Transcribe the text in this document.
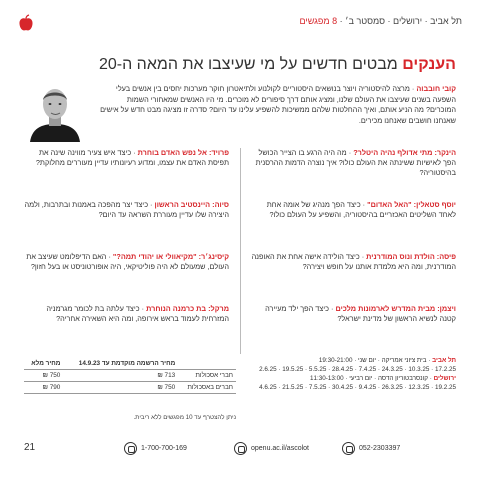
תל אביב · ירושלים · סמסטר ב׳ · 8 מפגשים
הענקים מבטים חדשים על מי שעיצבו את המאה ה-20
קובי חובבוה · מרצה להיסטוריה ויוצר בנושאים היסטוריים לקולנוע ולתיאטרון חוקר מערכות יחסים בין אנשים בעלי השפעה בשנים שעיצבו את העולם שלנו, ומציג אותם דרך סיפורים לא מוכרים. מי היו האנשים שמאחורי השמות המוכרים? מה הניע אותם, ואיך ההחלטות שלהם ממשיכות להשפיע עלינו עד היום? סדרה זו מציגה מבט חדש על אישים שאנחנו חושבים שאנחנו מכירים.
הינקר: מתי אדולף נהיה היטלר? · מה היה הרגע בו הצייר הכושל הפך לאישיות ששינתה את העולם כולו? איך נוצרה הדמות ההרסנית בהיסטוריה?
פרויד: אל נפש האדם בוחרת · כיצד איש צעיר מווינה שינה את תפיסת האדם את עצמו, ומדוע רעיונותיו עדיין מעוררים מחלוקת?
יוסף סטאלין: "האל האדום" · כיצד הפך מנהיג של אומה אחת לאחד השליטים האכזריים בהיסטוריה, והשפיע על העולם כולו?
סיוה: היינסטיב הראשון · כיצד יצר מהפכה באמנות ובתרבות, ולמה היצירה שלו עדיין מעוררת השראה עד היום?
פיסה: הולדת ונוס המודרנית · כיצד הולידה אישה אחת את האופנה המודרנית, ומה היא מלמדת אותנו על חופש ויצירה?
קיסינג׳ר: "מקיאוולי או יהודי תמה?" · האם הדיפלומט שעיצב את העולם, שמעולם לא היה פוליטיקאי, היה אופורטוניסט או בעל חזון?
ויצמן: מבית המדרש לארמונות מלכים · כיצד הפך ילד מעיירה קטנה לנשיא הראשון של מדינת ישראל?
מרקל: בת כרמנה הנוחרת · כיצד עלתה בת לכומר מגרמניה המזרחית לעמוד בראש אירופה, ומה היא השאירה אחריה?
תל אביב · בית ציוני אמריקה · יום שני · 19:30-21:00
17.2.25 · 10.3.25 · 24.3.25 · 7.4.25 · 28.4.25 · 5.5.25 · 19.5.25 · 2.6.25
ירושלים · קונסרבטוריון הדסה · יום רביעי · 11:30-13:00
19.2.25 · 12.3.25 · 26.3.25 · 9.4.25 · 30.4.25 · 7.5.25 · 21.5.25 · 4.6.25
	מחיר הרשמה מוקדמת עד 14.9.23	מחיר מלא
חברי אסכולות	713 ₪	750 ₪
חברים באסכולות	750 ₪	790 ₪
ניתן להצטרף עד 10 מפגשים ללא ריבית.
21	1-700-700-169	openu.ac.il/ascolot	052-2303397
